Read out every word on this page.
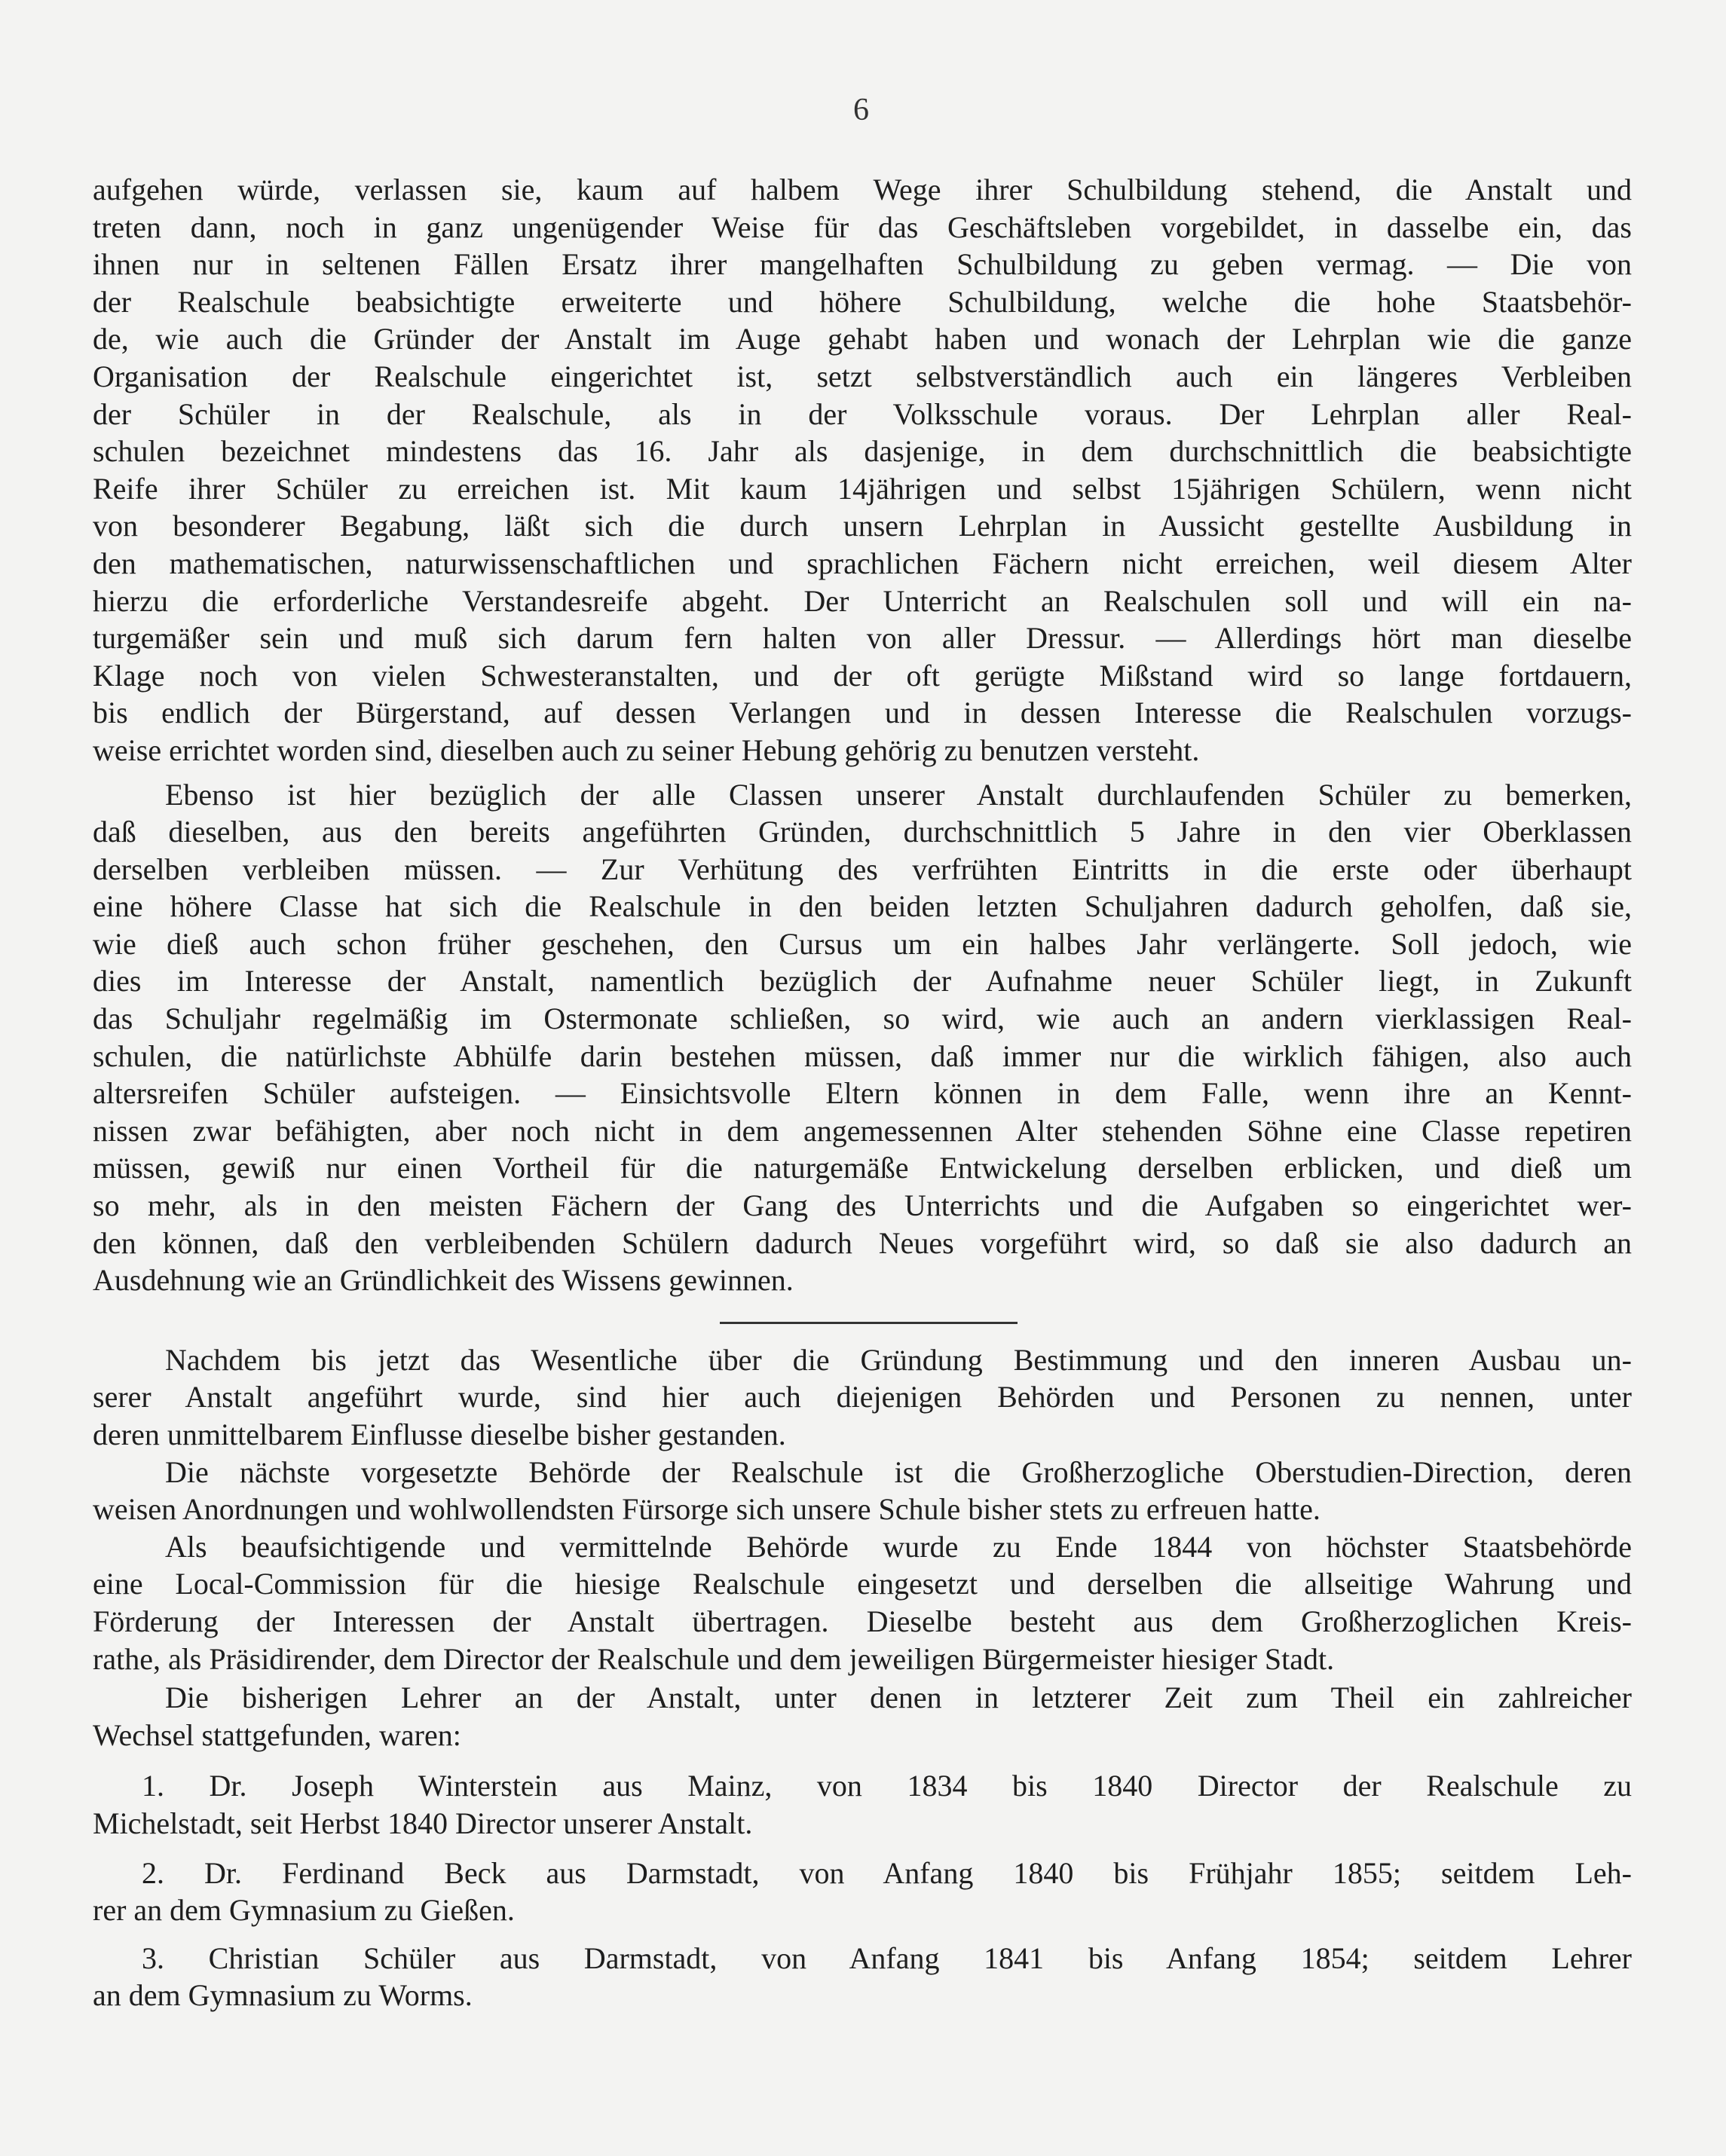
6
aufgehen würde, verlassen sie, kaum auf halbem Wege ihrer Schulbildung stehend, die Anstalt und
treten dann, noch in ganz ungenügender Weise für das Geschäftsleben vorgebildet, in dasselbe ein, das
ihnen nur in seltenen Fällen Ersatz ihrer mangelhaften Schulbildung zu geben vermag. — Die von
der Realschule beabsichtigte erweiterte und höhere Schulbildung, welche die hohe Staatsbehör-
de, wie auch die Gründer der Anstalt im Auge gehabt haben und wonach der Lehrplan wie die ganze
Organisation der Realschule eingerichtet ist, setzt selbstverständlich auch ein längeres Verbleiben
der Schüler in der Realschule, als in der Volksschule voraus. Der Lehrplan aller Real-
schulen bezeichnet mindestens das 16. Jahr als dasjenige, in dem durchschnittlich die beabsichtigte
Reife ihrer Schüler zu erreichen ist. Mit kaum 14jährigen und selbst 15jährigen Schülern, wenn nicht
von besonderer Begabung, läßt sich die durch unsern Lehrplan in Aussicht gestellte Ausbildung in
den mathematischen, naturwissenschaftlichen und sprachlichen Fächern nicht erreichen, weil diesem Alter
hierzu die erforderliche Verstandesreife abgeht. Der Unterricht an Realschulen soll und will ein na-
turgemäßer sein und muß sich darum fern halten von aller Dressur. — Allerdings hört man dieselbe
Klage noch von vielen Schwesteranstalten, und der oft gerügte Mißstand wird so lange fortdauern,
bis endlich der Bürgerstand, auf dessen Verlangen und in dessen Interesse die Realschulen vorzugs-
weise errichtet worden sind, dieselben auch zu seiner Hebung gehörig zu benutzen versteht.
Ebenso ist hier bezüglich der alle Classen unserer Anstalt durchlaufenden Schüler zu bemerken,
daß dieselben, aus den bereits angeführten Gründen, durchschnittlich 5 Jahre in den vier Oberklassen
derselben verbleiben müssen. — Zur Verhütung des verfrühten Eintritts in die erste oder überhaupt
eine höhere Classe hat sich die Realschule in den beiden letzten Schuljahren dadurch geholfen, daß sie,
wie dieß auch schon früher geschehen, den Cursus um ein halbes Jahr verlängerte. Soll jedoch, wie
dies im Interesse der Anstalt, namentlich bezüglich der Aufnahme neuer Schüler liegt, in Zukunft
das Schuljahr regelmäßig im Ostermonate schließen, so wird, wie auch an andern vierklassigen Real-
schulen, die natürlichste Abhülfe darin bestehen müssen, daß immer nur die wirklich fähigen, also auch
altersreifen Schüler aufsteigen. — Einsichtsvolle Eltern können in dem Falle, wenn ihre an Kennt-
nissen zwar befähigten, aber noch nicht in dem angemessennen Alter stehenden Söhne eine Classe repetiren
müssen, gewiß nur einen Vortheil für die naturgemäße Entwickelung derselben erblicken, und dieß um
so mehr, als in den meisten Fächern der Gang des Unterrichts und die Aufgaben so eingerichtet wer-
den können, daß den verbleibenden Schülern dadurch Neues vorgeführt wird, so daß sie also dadurch an
Ausdehnung wie an Gründlichkeit des Wissens gewinnen.
Nachdem bis jetzt das Wesentliche über die Gründung Bestimmung und den inneren Ausbau un-
serer Anstalt angeführt wurde, sind hier auch diejenigen Behörden und Personen zu nennen, unter
deren unmittelbarem Einflusse dieselbe bisher gestanden.
Die nächste vorgesetzte Behörde der Realschule ist die Großherzogliche Oberstudien-Direction, deren
weisen Anordnungen und wohlwollendsten Fürsorge sich unsere Schule bisher stets zu erfreuen hatte.
Als beaufsichtigende und vermittelnde Behörde wurde zu Ende 1844 von höchster Staatsbehörde
eine Local-Commission für die hiesige Realschule eingesetzt und derselben die allseitige Wahrung und
Förderung der Interessen der Anstalt übertragen. Dieselbe besteht aus dem Großherzoglichen Kreis-
rathe, als Präsidirender, dem Director der Realschule und dem jeweiligen Bürgermeister hiesiger Stadt.
Die bisherigen Lehrer an der Anstalt, unter denen in letzterer Zeit zum Theil ein zahlreicher
Wechsel stattgefunden, waren:
1. Dr. Joseph Winterstein aus Mainz, von 1834 bis 1840 Director der Realschule zu
Michelstadt, seit Herbst 1840 Director unserer Anstalt.
2. Dr. Ferdinand Beck aus Darmstadt, von Anfang 1840 bis Frühjahr 1855; seitdem Leh-
rer an dem Gymnasium zu Gießen.
3. Christian Schüler aus Darmstadt, von Anfang 1841 bis Anfang 1854; seitdem Lehrer
an dem Gymnasium zu Worms.
